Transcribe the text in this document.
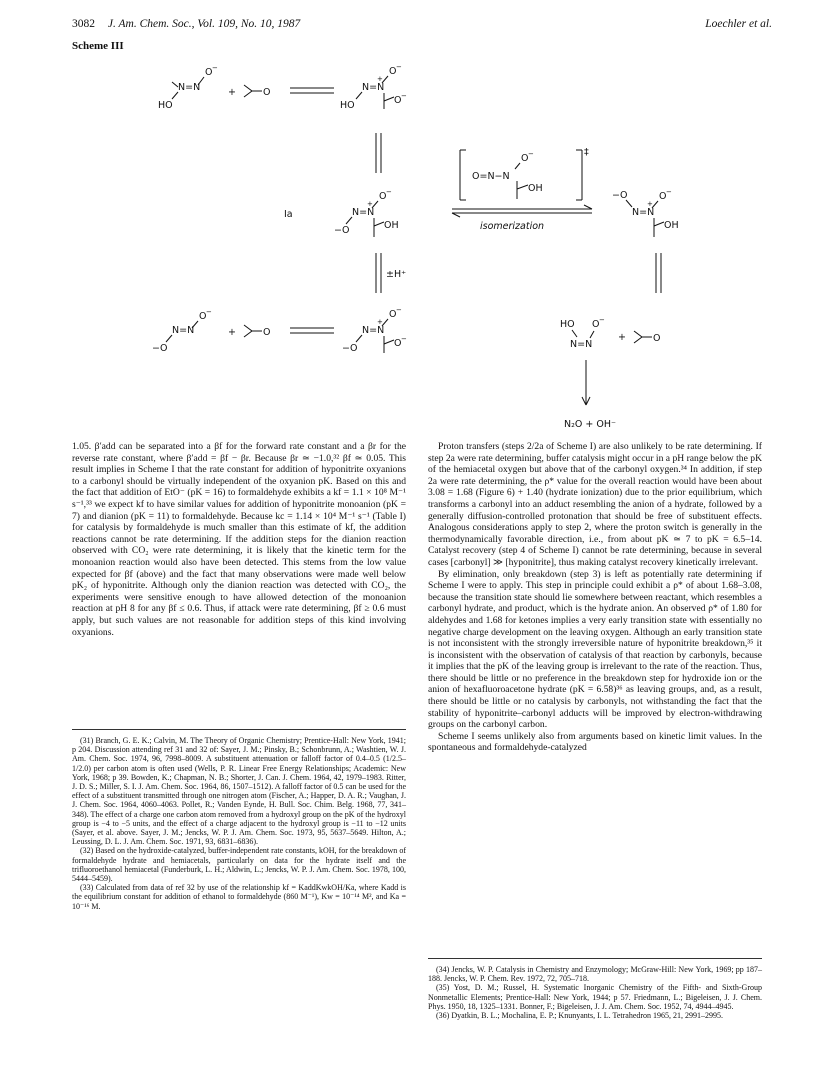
3082 J. Am. Chem. Soc., Vol. 109, No. 10, 1987	Loechler et al.
Scheme III
N=N
O −
HO
+	O	N=N
+
O −
HO	O −
Ia	N=N
+
O −
−O	OH
‡
O=N−N
O −
OH
isomerization
N=N
+
O −
−O
OH
±H⁺
N=N
O −
−O
+	O	N=N
+
O −
−O	O −
HO
N=N
O −
+	O
N₂O + OH⁻

1.05. β′add can be separated into a βf for the forward rate constant and a βr for the reverse rate constant, where β′add = βf − βr. Because βr ≃ −1.0,³² βf ≃ 0.05. This result implies in Scheme I that the rate constant for addition of hyponitrite oxyanions to a carbonyl should be virtually independent of the oxyanion pK. Based on this and the fact that addition of EtO⁻ (pK = 16) to formaldehyde exhibits a kf = 1.1 × 10⁸ M⁻¹ s⁻¹,³³ we expect kf to have similar values for addition of hyponitrite monoanion (pK = 7) and dianion (pK = 11) to formaldehyde. Because kc = 1.14 × 10⁴ M⁻¹ s⁻¹ (Table I) for catalysis by formaldehyde is much smaller than this estimate of kf, the addition reactions cannot be rate determining. If the addition steps for the dianion reaction observed with CO₂ were rate determining, it is likely that the kinetic term for the monoanion reaction would also have been detected. This stems from the low value expected for βf (above) and the fact that many observations were made well below pK₂ of hyponitrite. Although only the dianion reaction was detected with CO₂, the experiments were sensitive enough to have allowed detection of the monoanion reaction at pH 8 for any βf ≤ 0.6. Thus, if attack were rate determining, βf ≥ 0.6 must apply, but such values are not reasonable for addition steps of this kind involving oxyanions.

Proton transfers (steps 2/2a of Scheme I) are also unlikely to be rate determining. If step 2a were rate determining, buffer catalysis might occur in a pH range below the pK of the hemiacetal oxygen but above that of the carbonyl oxygen.³⁴ In addition, if step 2a were rate determining, the ρ* value for the overall reaction would have been about 3.08 = 1.68 (Figure 6) + 1.40 (hydrate ionization) due to the prior equilibrium, which transforms a carbonyl into an adduct resembling the anion of a hydrate, followed by a generally diffusion-controlled protonation that should be free of substituent effects. Analogous considerations apply to step 2, where the proton switch is generally in the thermodynamically favorable direction, i.e., from about pK ≃ 7 to pK = 6.5–14. Catalyst recovery (step 4 of Scheme I) cannot be rate determining, because in several cases [carbonyl] ≫ [hyponitrite], thus making catalyst recovery kinetically irrelevant.

By elimination, only breakdown (step 3) is left as potentially rate determining if Scheme I were to apply. This step in principle could exhibit a ρ* of about 1.68–3.08, because the transition state should lie somewhere between reactant, which resembles a carbonyl hydrate, and product, which is the hydrate anion. An observed ρ* of 1.80 for aldehydes and 1.68 for ketones implies a very early transition state with essentially no negative charge development on the leaving oxygen. Although an early transition state is not inconsistent with the strongly irreversible nature of hyponitrite breakdown,³⁵ it is inconsistent with the observation of catalysis of that reaction by carbonyls, because it implies that the pK of the leaving group is irrelevant to the rate of the reaction. Thus, there should be little or no preference in the breakdown step for hydroxide ion or the anion of hexafluoroacetone hydrate (pK = 6.58)³⁶ as leaving groups, and, as a result, there should be little or no catalysis by carbonyls, not withstanding the fact that the stability of hyponitrite–carbonyl adducts will be improved by electron-withdrawing groups on the carbonyl carbon.

Scheme I seems unlikely also from arguments based on kinetic limit values. In the spontaneous and formaldehyde-catalyzed

(31) Branch, G. E. K.; Calvin, M. The Theory of Organic Chemistry; Prentice-Hall: New York, 1941; p 204. Discussion attending ref 31 and 32 of: Sayer, J. M.; Pinsky, B.; Schonbrunn, A.; Washtien, W. J. Am. Chem. Soc. 1974, 96, 7998–8009. A substituent attenuation or falloff factor of 0.4–0.5 (1/2.5–1/2.0) per carbon atom is often used (Wells, P. R. Linear Free Energy Relationships; Academic: New York, 1968; p 39. Bowden, K.; Chapman, N. B.; Shorter, J. Can. J. Chem. 1964, 42, 1979–1983. Ritter, J. D. S.; Miller, S. I. J. Am. Chem. Soc. 1964, 86, 1507–1512). A falloff factor of 0.5 can be used for the effect of a substituent transmitted through one nitrogen atom (Fischer, A.; Happer, D. A. R.; Vaughan, J. J. Chem. Soc. 1964, 4060–4063. Pollet, R.; Vanden Eynde, H. Bull. Soc. Chim. Belg. 1968, 77, 341–348). The effect of a charge one carbon atom removed from a hydroxyl group on the pK of the hydroxyl group is −4 to −5 units, and the effect of a charge adjacent to the hydroxyl group is −11 to −12 units (Sayer, et al. above. Sayer, J. M.; Jencks, W. P. J. Am. Chem. Soc. 1973, 95, 5637–5649. Hilton, A.; Leussing, D. L. J. Am. Chem. Soc. 1971, 93, 6831–6836).

(32) Based on the hydroxide-catalyzed, buffer-independent rate constants, kOH, for the breakdown of formaldehyde hydrate and hemiacetals, particularly on data for the hydrate itself and the trifluoroethanol hemiacetal (Funderburk, L. H.; Aldwin, L.; Jencks, W. P. J. Am. Chem. Soc. 1978, 100, 5444–5459).

(33) Calculated from data of ref 32 by use of the relationship kf = KaddKwkOH/Ka, where Kadd is the equilibrium constant for addition of ethanol to formaldehyde (860 M⁻¹), Kw = 10⁻¹⁴ M², and Ka = 10⁻¹⁶ M.

(34) Jencks, W. P. Catalysis in Chemistry and Enzymology; McGraw-Hill: New York, 1969; pp 187–188. Jencks, W. P. Chem. Rev. 1972, 72, 705–718.

(35) Yost, D. M.; Russel, H. Systematic Inorganic Chemistry of the Fifth- and Sixth-Group Nonmetallic Elements; Prentice-Hall: New York, 1944; p 57. Friedmann, L.; Bigeleisen, J. J. Chem. Phys. 1950, 18, 1325–1331. Bonner, F.; Bigeleisen, J. J. Am. Chem. Soc. 1952, 74, 4944–4945.

(36) Dyatkin, B. L.; Mochalina, E. P.; Knunyants, I. L. Tetrahedron 1965, 21, 2991–2995.
